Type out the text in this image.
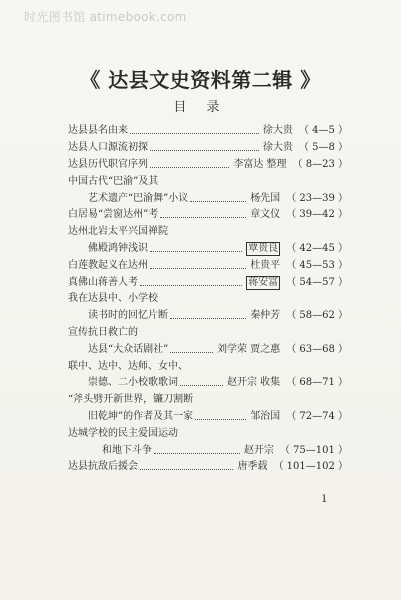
时光图书馆 atimebook.com
《 达县文史资料第二辑 》
目 录
达县县名由来	徐大贵 （ 4—5 ）
达县人口源流初探	徐大贵 （ 5—8 ）
达县历代职官序列	李富达 整理 （ 8—23 ）
中国古代“巴渝”及其
艺术遗产“巴渝舞”小议	杨先国 （ 23—39 ）
白居易“尝窗达州”考	章文仪 （ 39—42 ）
达州北岩太平兴国禅院
佛殿鸿钟浅识	覃贵良 （ 42—45 ）
白莲教起义在达州	杜贵平 （ 45—53 ）
真佛山蒋善人考	蒋安富 （ 54—57 ）
我在达县中、小学校
读书时的回忆片断	秦仲芳 （ 58—62 ）
宣传抗日救亡的
达县“大众话剧社”	刘学荣 贾之惠 （ 63—68 ）
联中、达中、达师、女中、
崇德、二小校歌歌词	赵开宗 收集 （ 68—71 ）
“斧头劈开新世界，镰刀割断
旧乾坤”的作者及其一家	邹治国 （ 72—74 ）
达城学校的民主爱国运动
和地下斗争	赵开宗 （ 75—101 ）
达县抗敌后援会	唐季载 （ 101—102 ）
ı
